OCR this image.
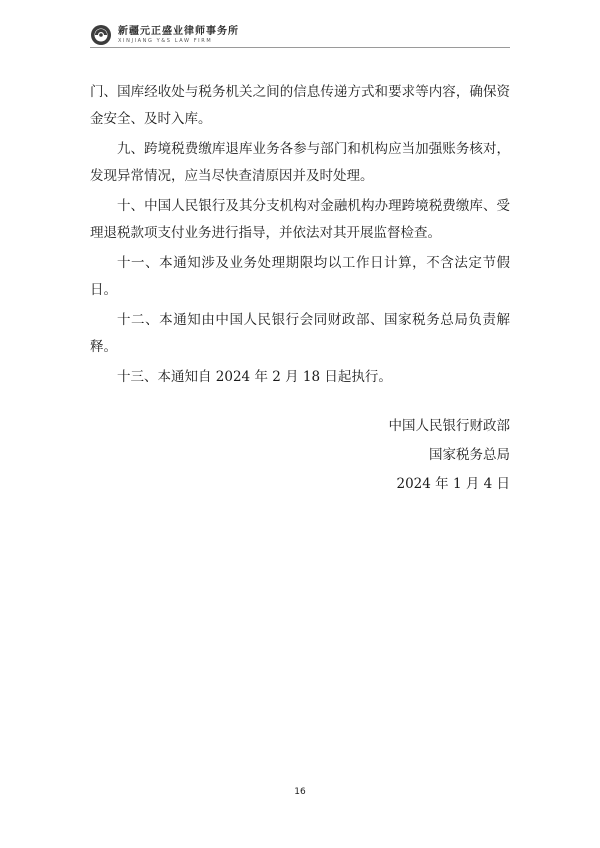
新疆元正盛业律师事务所
XINJIANG Y&S LAW FIRM

门、国库经收处与税务机关之间的信息传递方式和要求等内容，确保资金安全、及时入库。

九、跨境税费缴库退库业务各参与部门和机构应当加强账务核对，发现异常情况，应当尽快查清原因并及时处理。

十、中国人民银行及其分支机构对金融机构办理跨境税费缴库、受理退税款项支付业务进行指导，并依法对其开展监督检查。

十一、本通知涉及业务处理期限均以工作日计算，不含法定节假日。

十二、本通知由中国人民银行会同财政部、国家税务总局负责解释。

十三、本通知自 2024 年 2 月 18 日起执行。

中国人民银行财政部
国家税务总局
2024 年 1 月 4 日
16
